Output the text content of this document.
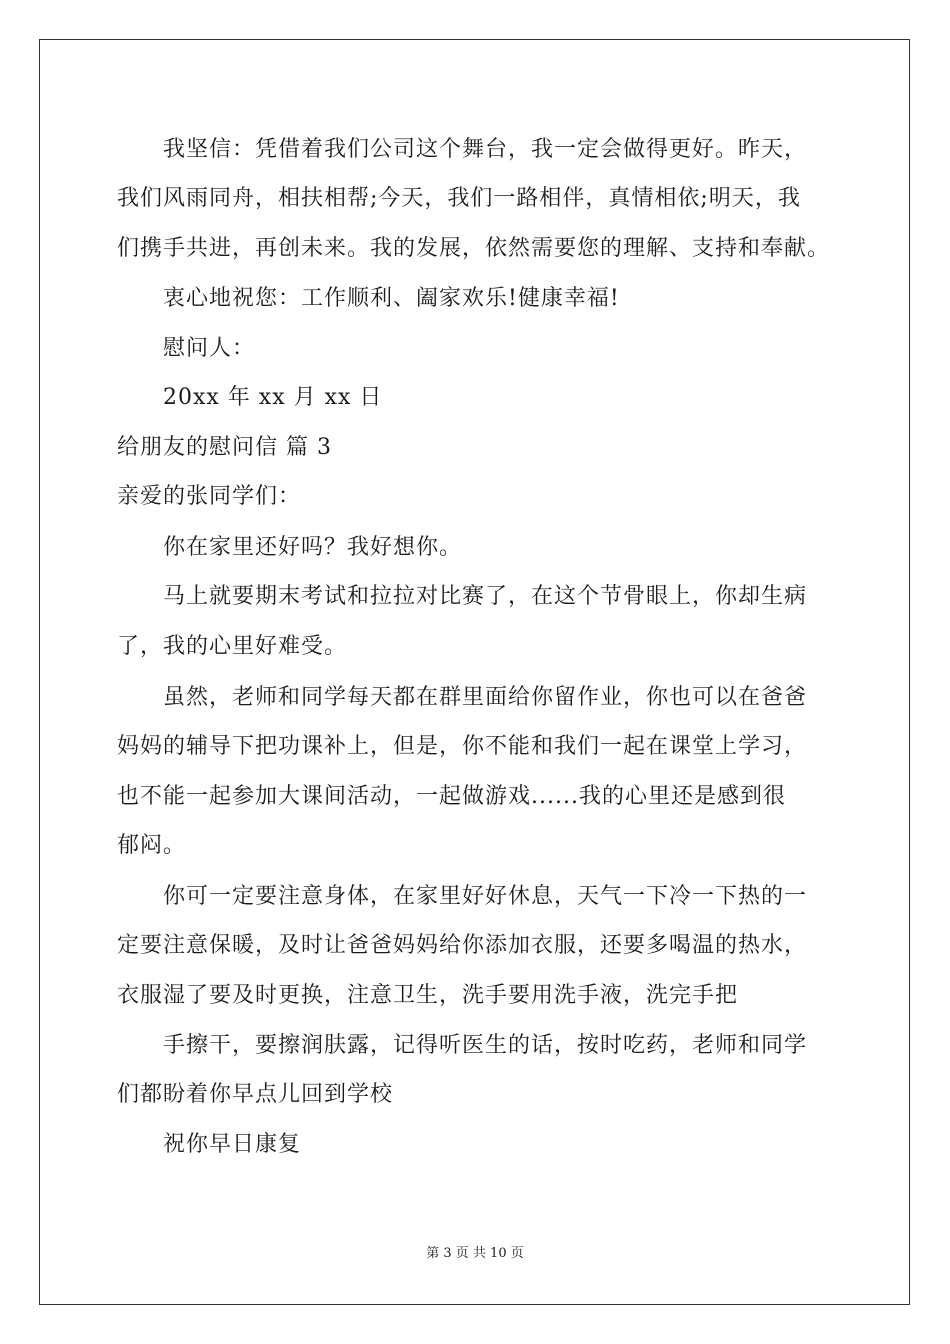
我坚信：凭借着我们公司这个舞台，我一定会做得更好。昨天，
我们风雨同舟，相扶相帮;今天，我们一路相伴，真情相依;明天，我
们携手共进，再创未来。我的发展，依然需要您的理解、支持和奉献。
衷心地祝您：工作顺利、阖家欢乐!健康幸福!
慰问人：
20xx 年 xx 月 xx 日
给朋友的慰问信 篇 3
亲爱的张同学们：
你在家里还好吗？我好想你。
马上就要期末考试和拉拉对比赛了，在这个节骨眼上，你却生病
了，我的心里好难受。
虽然，老师和同学每天都在群里面给你留作业，你也可以在爸爸
妈妈的辅导下把功课补上，但是，你不能和我们一起在课堂上学习，
也不能一起参加大课间活动，一起做游戏......我的心里还是感到很
郁闷。
你可一定要注意身体，在家里好好休息，天气一下冷一下热的一
定要注意保暖，及时让爸爸妈妈给你添加衣服，还要多喝温的热水，
衣服湿了要及时更换，注意卫生，洗手要用洗手液，洗完手把
手擦干，要擦润肤露，记得听医生的话，按时吃药，老师和同学
们都盼着你早点儿回到学校
祝你早日康复
第 3 页 共 10 页
